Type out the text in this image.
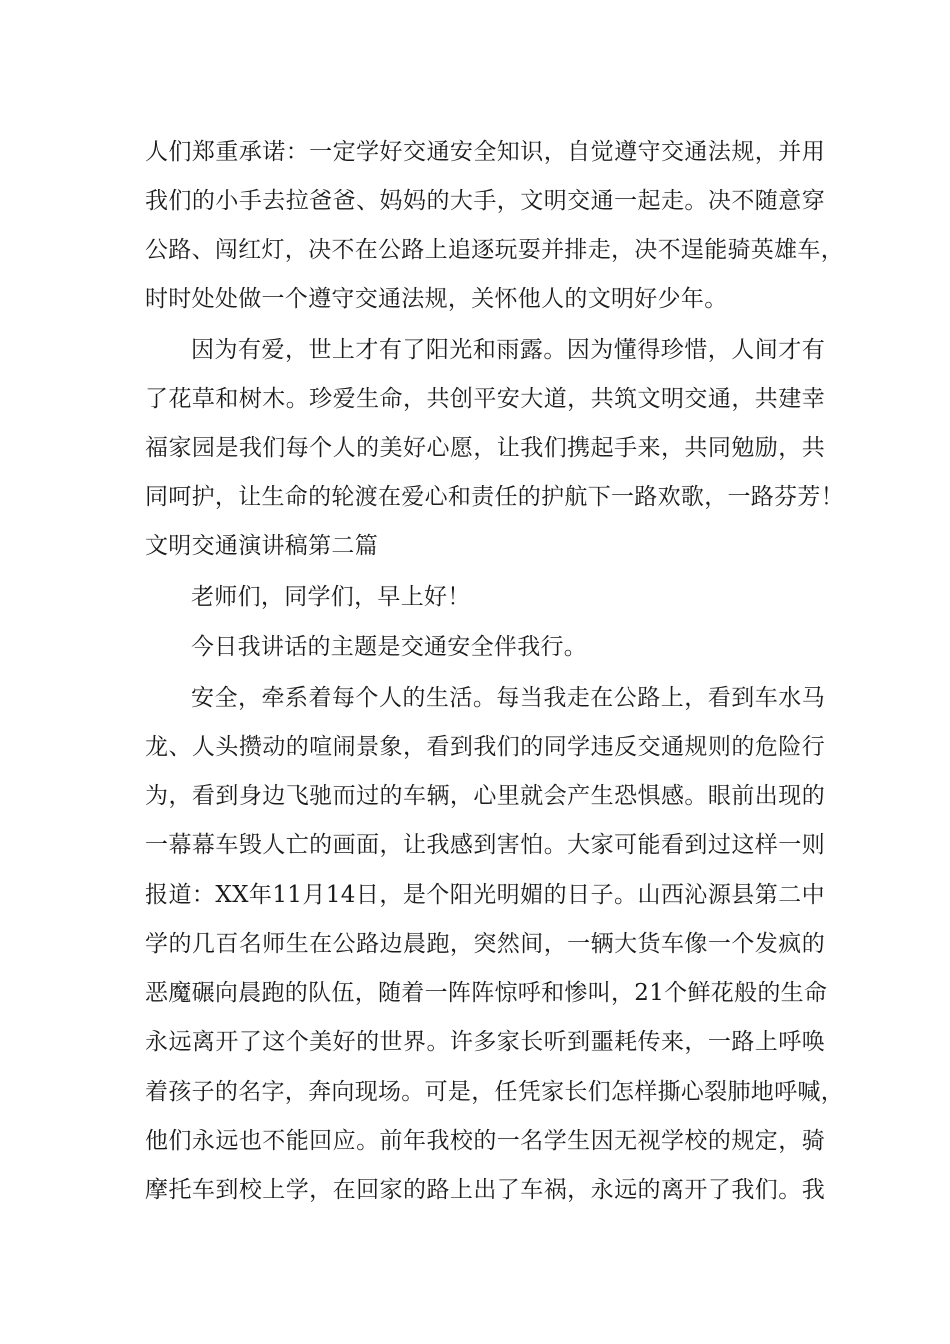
人们郑重承诺：一定学好交通安全知识，自觉遵守交通法规，并用
我们的小手去拉爸爸、妈妈的大手，文明交通一起走。决不随意穿
公路、闯红灯，决不在公路上追逐玩耍并排走，决不逞能骑英雄车，
时时处处做一个遵守交通法规，关怀他人的文明好少年。
因为有爱，世上才有了阳光和雨露。因为懂得珍惜，人间才有
了花草和树木。珍爱生命，共创平安大道，共筑文明交通，共建幸
福家园是我们每个人的美好心愿，让我们携起手来，共同勉励，共
同呵护，让生命的轮渡在爱心和责任的护航下一路欢歌，一路芬芳！
文明交通演讲稿第二篇
老师们，同学们，早上好！
今日我讲话的主题是交通安全伴我行。
安全，牵系着每个人的生活。每当我走在公路上，看到车水马
龙、人头攒动的喧闹景象，看到我们的同学违反交通规则的危险行
为，看到身边飞驰而过的车辆，心里就会产生恐惧感。眼前出现的
一幕幕车毁人亡的画面，让我感到害怕。大家可能看到过这样一则
报道：XX年11月14日，是个阳光明媚的日子。山西沁源县第二中
学的几百名师生在公路边晨跑，突然间，一辆大货车像一个发疯的
恶魔碾向晨跑的队伍，随着一阵阵惊呼和惨叫，21个鲜花般的生命
永远离开了这个美好的世界。许多家长听到噩耗传来，一路上呼唤
着孩子的名字，奔向现场。可是，任凭家长们怎样撕心裂肺地呼喊，
他们永远也不能回应。前年我校的一名学生因无视学校的规定，骑
摩托车到校上学，在回家的路上出了车祸，永远的离开了我们。我
